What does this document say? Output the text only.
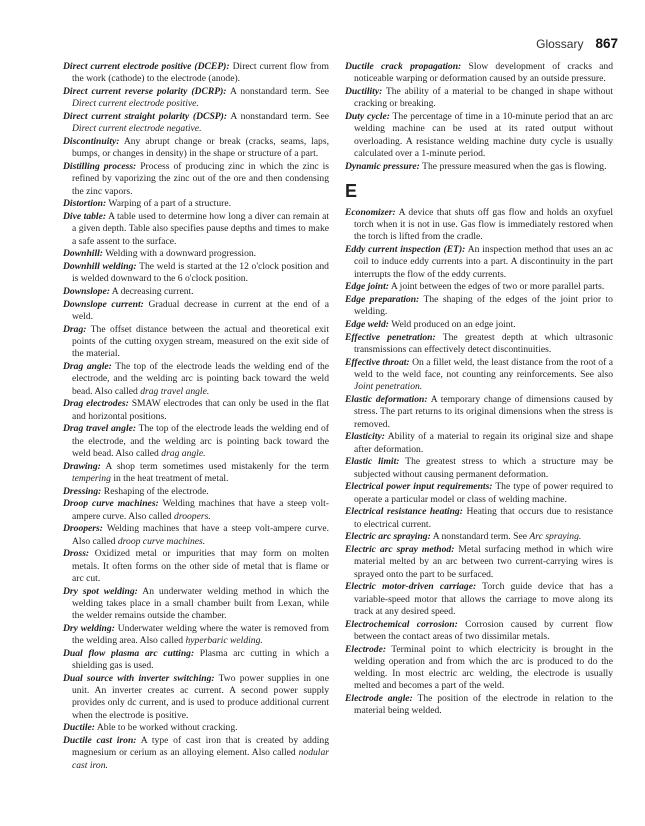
Glossary 867
Direct current electrode positive (DCEP): Direct current flow from the work (cathode) to the electrode (anode).
Direct current reverse polarity (DCRP): A nonstandard term. See Direct current electrode positive.
Direct current straight polarity (DCSP): A nonstandard term. See Direct current electrode negative.
Discontinuity: Any abrupt change or break (cracks, seams, laps, bumps, or changes in density) in the shape or structure of a part.
Distilling process: Process of producing zinc in which the zinc is refined by vaporizing the zinc out of the ore and then condensing the zinc vapors.
Distortion: Warping of a part of a structure.
Dive table: A table used to determine how long a diver can remain at a given depth. Table also specifies pause depths and times to make a safe assent to the surface.
Downhill: Welding with a downward progression.
Downhill welding: The weld is started at the 12 o'clock position and is welded downward to the 6 o'clock position.
Downslope: A decreasing current.
Downslope current: Gradual decrease in current at the end of a weld.
Drag: The offset distance between the actual and theoretical exit points of the cutting oxygen stream, measured on the exit side of the material.
Drag angle: The top of the electrode leads the welding end of the electrode, and the welding arc is pointing back toward the weld bead. Also called drag travel angle.
Drag electrodes: SMAW electrodes that can only be used in the flat and horizontal positions.
Drag travel angle: The top of the electrode leads the welding end of the electrode, and the welding arc is pointing back toward the weld bead. Also called drag angle.
Drawing: A shop term sometimes used mistakenly for the term tempering in the heat treatment of metal.
Dressing: Reshaping of the electrode.
Droop curve machines: Welding machines that have a steep volt-ampere curve. Also called droopers.
Droopers: Welding machines that have a steep volt-ampere curve. Also called droop curve machines.
Dross: Oxidized metal or impurities that may form on molten metals. It often forms on the other side of metal that is flame or arc cut.
Dry spot welding: An underwater welding method in which the welding takes place in a small chamber built from Lexan, while the welder remains outside the chamber.
Dry welding: Underwater welding where the water is removed from the welding area. Also called hyperbaric welding.
Dual flow plasma arc cutting: Plasma arc cutting in which a shielding gas is used.
Dual source with inverter switching: Two power supplies in one unit. An inverter creates ac current. A second power supply provides only dc current, and is used to produce additional current when the electrode is positive.
Ductile: Able to be worked without cracking.
Ductile cast iron: A type of cast iron that is created by adding magnesium or cerium as an alloying element. Also called nodular cast iron.
Ductile crack propagation: Slow development of cracks and noticeable warping or deformation caused by an outside pressure.
Ductility: The ability of a material to be changed in shape without cracking or breaking.
Duty cycle: The percentage of time in a 10-minute period that an arc welding machine can be used at its rated output without overloading. A resistance welding machine duty cycle is usually calculated over a 1-minute period.
Dynamic pressure: The pressure measured when the gas is flowing.
E
Economizer: A device that shuts off gas flow and holds an oxyfuel torch when it is not in use. Gas flow is immediately restored when the torch is lifted from the cradle.
Eddy current inspection (ET): An inspection method that uses an ac coil to induce eddy currents into a part. A discontinuity in the part interrupts the flow of the eddy currents.
Edge joint: A joint between the edges of two or more parallel parts.
Edge preparation: The shaping of the edges of the joint prior to welding.
Edge weld: Weld produced on an edge joint.
Effective penetration: The greatest depth at which ultrasonic transmissions can effectively detect discontinuities.
Effective throat: On a fillet weld, the least distance from the root of a weld to the weld face, not counting any reinforcements. See also Joint penetration.
Elastic deformation: A temporary change of dimensions caused by stress. The part returns to its original dimensions when the stress is removed.
Elasticity: Ability of a material to regain its original size and shape after deformation.
Elastic limit: The greatest stress to which a structure may be subjected without causing permanent deformation.
Electrical power input requirements: The type of power required to operate a particular model or class of welding machine.
Electrical resistance heating: Heating that occurs due to resistance to electrical current.
Electric arc spraying: A nonstandard term. See Arc spraying.
Electric arc spray method: Metal surfacing method in which wire material melted by an arc between two current-carrying wires is sprayed onto the part to be surfaced.
Electric motor-driven carriage: Torch guide device that has a variable-speed motor that allows the carriage to move along its track at any desired speed.
Electrochemical corrosion: Corrosion caused by current flow between the contact areas of two dissimilar metals.
Electrode: Terminal point to which electricity is brought in the welding operation and from which the arc is produced to do the welding. In most electric arc welding, the electrode is usually melted and becomes a part of the weld.
Electrode angle: The position of the electrode in relation to the material being welded.
